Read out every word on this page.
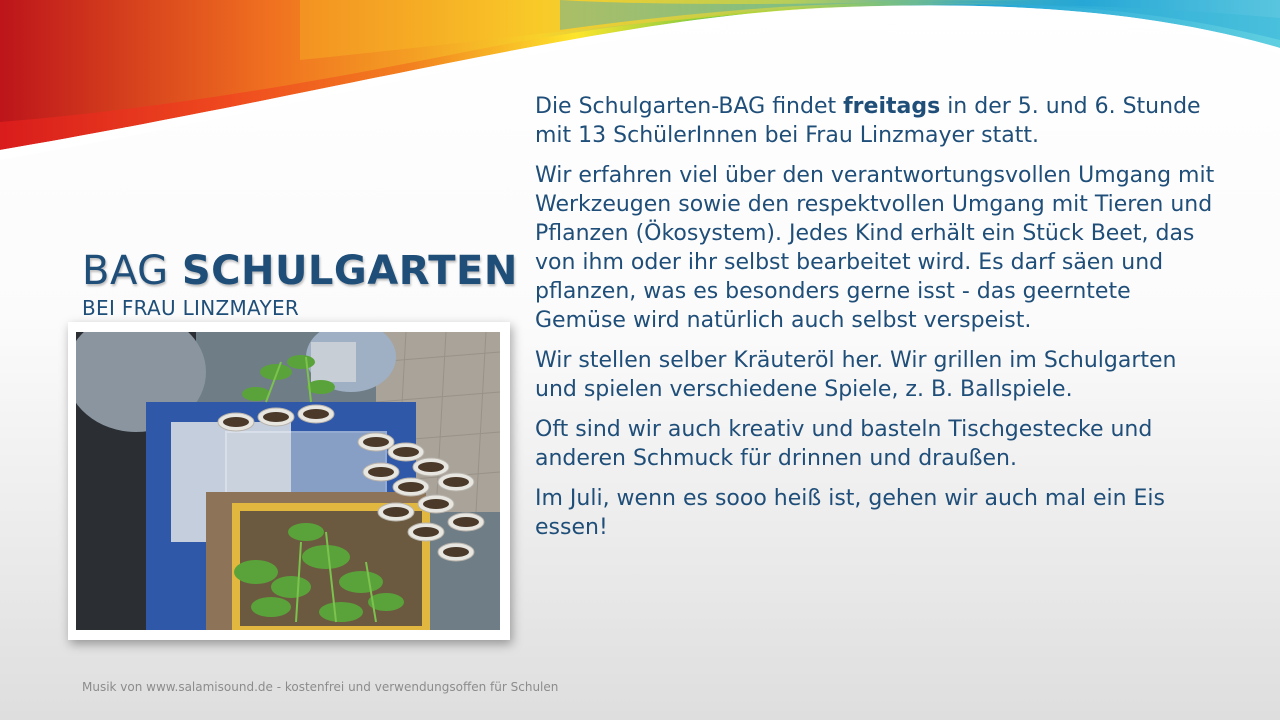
BAG SCHULGARTEN

BEI FRAU LINZMAYER

Die Schulgarten-BAG findet freitags in der 5. und 6. Stunde mit 13 SchülerInnen bei Frau Linzmayer statt.

Wir erfahren viel über den verantwortungsvollen Umgang mit Werkzeugen sowie den respektvollen Umgang mit Tieren und Pflanzen (Ökosystem). Jedes Kind erhält ein Stück Beet, das von ihm oder ihr selbst bearbeitet wird. Es darf säen und pflanzen, was es besonders gerne isst - das geerntete Gemüse wird natürlich auch selbst verspeist.

Wir stellen selber Kräuteröl her. Wir grillen im Schulgarten und spielen verschiedene Spiele, z. B. Ballspiele.

Oft sind wir auch kreativ und basteln Tischgestecke und anderen Schmuck für drinnen und draußen.

Im Juli, wenn es sooo heiß ist, gehen wir auch mal ein Eis essen!

Musik von www.salamisound.de - kostenfrei und verwendungsoffen für Schulen
